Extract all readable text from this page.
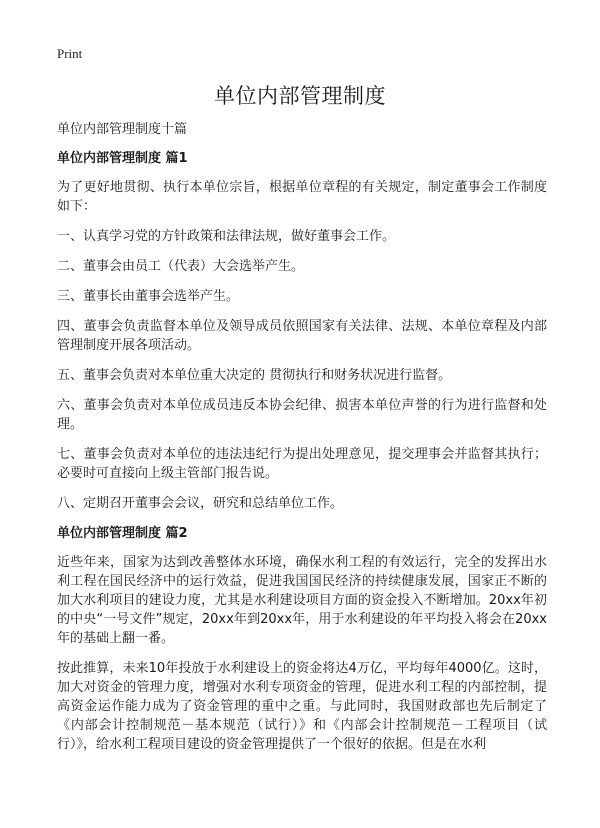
Print
单位内部管理制度

单位内部管理制度十篇

单位内部管理制度 篇1

为了更好地贯彻、执行本单位宗旨，根据单位章程的有关规定，制定董事会工作制度如下：

一、认真学习党的方针政策和法律法规，做好董事会工作。

二、董事会由员工（代表）大会选举产生。

三、董事长由董事会选举产生。

四、董事会负责监督本单位及领导成员依照国家有关法律、法规、本单位章程及内部管理制度开展各项活动。

五、董事会负责对本单位重大决定的 贯彻执行和财务状况进行监督。

六、董事会负责对本单位成员违反本协会纪律、损害本单位声誉的行为进行监督和处理。

七、董事会负责对本单位的违法违纪行为提出处理意见，提交理事会并监督其执行；必要时可直接向上级主管部门报告说。

八、定期召开董事会会议，研究和总结单位工作。

单位内部管理制度 篇2

近些年来，国家为达到改善整体水环境，确保水利工程的有效运行，完全的发挥出水利工程在国民经济中的运行效益，促进我国国民经济的持续健康发展，国家正不断的加大水利项目的建设力度，尤其是水利建设项目方面的资金投入不断增加。20xx年初的中央“一号文件”规定，20xx年到20xx年，用于水利建设的年平均投入将会在20xx年的基础上翻一番。

按此推算，未来10年投放于水利建设上的资金将达4万亿，平均每年4000亿。这时，加大对资金的管理力度，增强对水利专项资金的管理，促进水利工程的内部控制，提高资金运作能力成为了资金管理的重中之重。与此同时，我国财政部也先后制定了《内部会计控制规范－基本规范（试行）》和《内部会计控制规范－工程项目（试行）》，给水利工程项目建设的资金管理提供了一个很好的依据。但是在水利
